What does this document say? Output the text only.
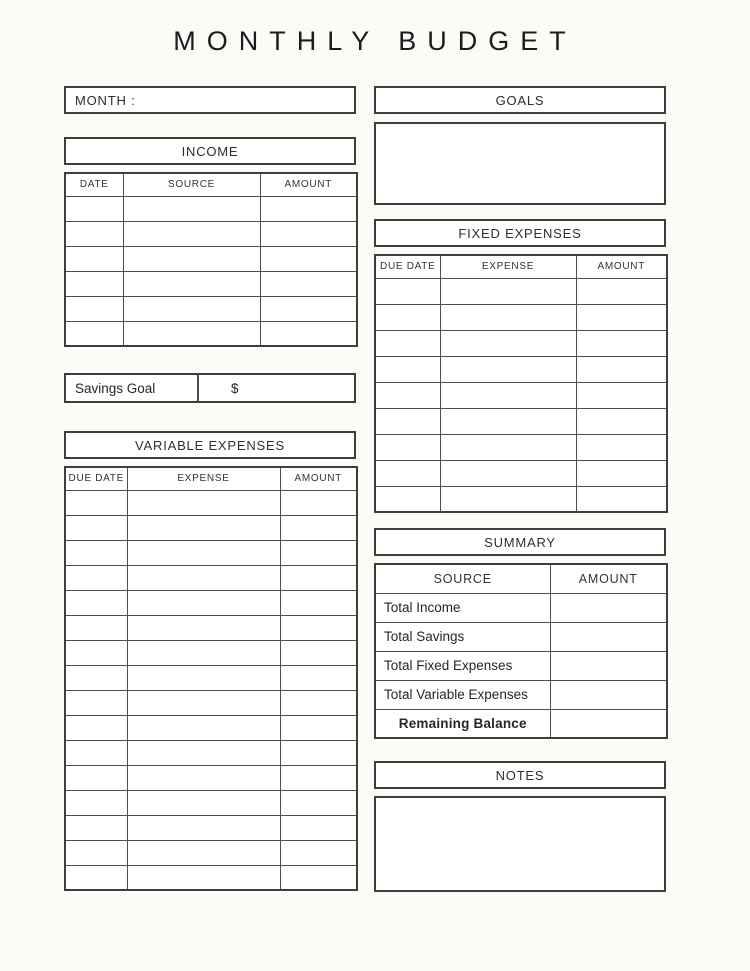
MONTHLY BUDGET
MONTH :
INCOME
DATE	SOURCE	AMOUNT

Savings Goal	$
VARIABLE EXPENSES
DUE DATE	EXPENSE	AMOUNT

GOALS
FIXED EXPENSES
DUE DATE	EXPENSE	AMOUNT

SUMMARY
SOURCE	AMOUNT
Total Income	
Total Savings	
Total Fixed Expenses	
Total Variable Expenses	
Remaining Balance	
NOTES
